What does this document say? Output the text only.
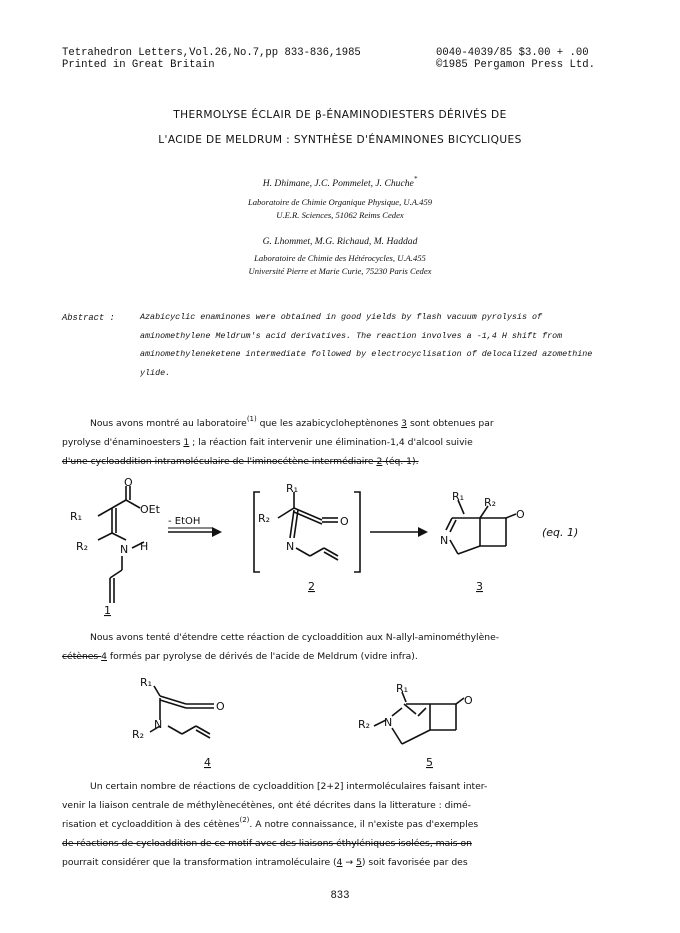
Tetrahedron Letters,Vol.26,No.7,pp 833-836,1985
Printed in Great Britain
0040-4039/85 $3.00 + .00
©1985 Pergamon Press Ltd.
THERMOLYSE ÉCLAIR DE β-ÉNAMINODIESTERS DÉRIVÉS DE
L'ACIDE DE MELDRUM : SYNTHÈSE D'ÉNAMINONES BICYCLIQUES
H. Dhimane, J.C. Pommelet, J. Chuche*
Laboratoire de Chimie Organique Physique, U.A.459
U.E.R. Sciences, 51062 Reims Cedex
G. Lhommet, M.G. Richaud, M. Haddad
Laboratoire de Chimie des Hétérocycles, U.A.455
Université Pierre et Marie Curie, 75230 Paris Cedex
Abstract :	Azabicyclic enaminones were obtained in good yields by flash vacuum pyrolysis of aminomethylene Meldrum's acid derivatives. The reaction involves a -1,4 H shift from aminomethyleneketene intermediate followed by electrocyclisation of delocalized azomethine ylide.
Nous avons montré au laboratoire$^{(1)}$ que les azabicycloheptènones 3 sont obtenues par
pyrolyse d'énaminoesters 1 ; la réaction fait intervenir une élimination-1,4 d'alcool suivie
d'une cycloaddition intramoléculaire de l'iminocétène intermédiaire 2 (éq. 1).
R₁
O
OEt
R₂	N H
- EtOH	R₂
R₁
O
N
R₁ R₂
O
N
(eq. 1)
1
2	3
Nous avons tenté d'étendre cette réaction de cycloaddition aux N-allyl-aminométhylène-
cétènes 4 formés par pyrolyse de dérivés de l'acide de Meldrum (vidre infra).
R₁
O
N
R₂
R₁
O
N
R₂
4	5
Un certain nombre de réactions de cycloaddition [2+2] intermoléculaires faisant inter-
venir la liaison centrale de méthylènecétènes, ont été décrites dans la litterature : dimé-
risation et cycloaddition à des cétènes$^{(2)}$. A notre connaissance, il n'existe pas d'exemples
de réactions de cycloaddition de ce motif avec des liaisons éthyléniques isolées, mais on
pourrait considérer que la transformation intramoléculaire (4 → 5) soit favorisée par des
833
